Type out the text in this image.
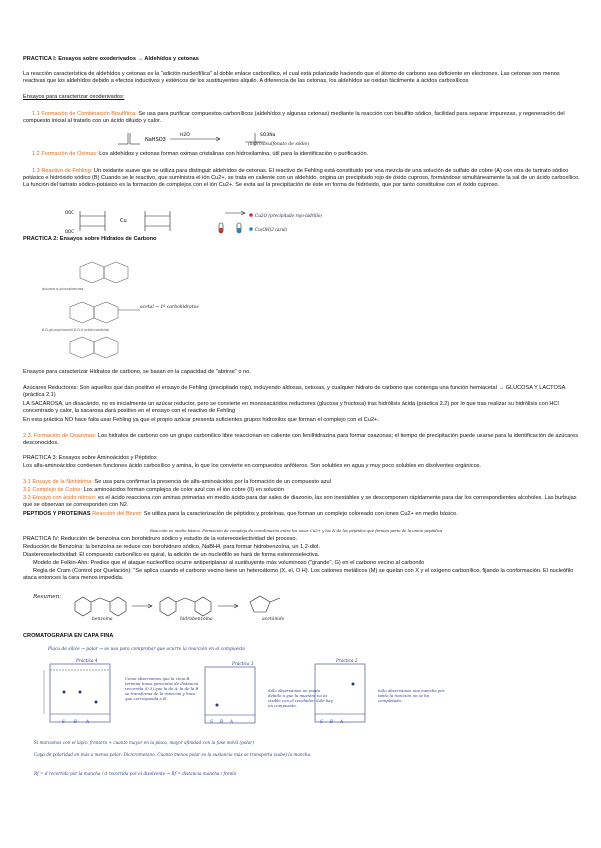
PRÁCTICA I: Ensayos sobre oxoderivados → Aldehídos y cetonas
La reacción característica de aldehídos y cetonas es la "adición nucleofílica" al doble enlace carbonílico, el cual está polarizado haciendo que el átomo de carbono sea deficiente en electrones. Las cetonas son menos reactivas que los aldehídos debido a efectos inductivos y estéricos de los sustituyentes alquilo. A diferencia de las cetonas, los aldehídos se oxidan fácilmente a ácidos carboxílicos
Ensayos para caracterizar oxoderivados:
1.1 Formación de Combinación Bisulfítica: Se usa para purificar compuestos carbonílicos (aldehídos y algunas cetonas) mediante la reacción con bisulfito sódico, facilidad para separar impurezas, y regeneración del compuesto inicial al tratarlo con un ácido diluido y calor.
NaHSO3
H2O	SO3Na
(hidroxisulfonato de sódio)
1.2 Formación de Oximas: Los aldehídos y cetonas forman oximas cristalinas con hidroxilamina, útil para la identificación o purificación.
1.3 Reactivo de Fehling: Un oxidante suave que se utiliza para distinguir aldehídos de cetonas. El reactivo de Fehling está constituido por una mezcla de una solución de sulfato de cobre (A) con otra de tartrato sódico potásico e hidróxido sódico (B) Cuando se le reactivo, que suministra el ión Cu2+, se trata en caliente con un aldehído, origina un precipitado rojo de óxido cuproso, formándose simultáneamente la sal de un ácido carboxílico. La función del tartrato sódico-potásico es la formación de complejos con el ión Cu2+. Se evita así la precipitación de éste en forma de hidróxido, que por tanto constituirse con el óxido cuproso.
OOC
OOC
Cu
Cu2O (precipitado rojo-ladrillo)
Cu(OH)2 (azul)
PRÁCTICA 2: Ensayos sobre Hidratos de Carbono
glucosa α-glucopiranosa
β-D-glucopiranosil β-D-fructofuranósido
acetal → 1º carbohidratos
Ensayos para caracterizar Hidratos de carbono, se basan en la capacidad de "abrirse" o no.
Azúcares Reductores: Son aquellos que dan positivo el ensayo de Fehling (precipitado rojo), incluyendo aldosas, cetosas, y cualquier hidrato de carbono que contenga una función hemiacetal → GLUCOSA Y LACTOSA (práctica 2.1)
LA SACAROSA, un disacárido, no es inicialmente un azúcar reductor, pero se convierte en monosacáridos reductores (glucosa y fructosa) tras hidrólisis ácida (práctica 2.2) por lo que tras realizar su hidrólisis con HCl concentrado y calor, la sacarosa dará positivo en el ensayo con el reactivo de Fehling
En esta práctica NO hace falta usar Fehling ya que el propio azúcar presenta suficientes grupos hidroxilos que forman el complejo con el Cu2+.
2.3. Formación de Osazonas: Los hidratos de carbono con un grupo carbonílico libre reaccionan en caliente con fenilhidrazina para formar osazonas; el tiempo de precipitación puede usarse para la identificación de azúcares desconocidos.
PRÁCTICA 3: Ensayos sobre Aminoácidos y Péptidos
Los alfa-aminoácidos contienen funciones ácido carboxílico y amina, lo que los convierte en compuestos anfóteros. Son solubles en agua y muy poco solubles en disolventes orgánicos.
3.1 Ensayo de la Ninhidrina: Se usa para confirmar la presencia de alfa-aminoácidos por la formación de un compuesto azul
3.2 Complejo de Cobre: Los aminoácidos forman complejos de color azul con el ión cobre (II) en solución
3.3 Ensayo con ácido nitroso: es el ácido reacciona con aminas primarias en medio ácido para dar sales de diazonio, las son inestables y se descomponen rápidamente para dar los correspondientes alcoholes. Las burbujas que se observan se corresponden con N2.
PÉPTIDOS Y PROTEÍNAS Reacción del Biuret: Se utiliza para la caracterización de péptidos y proteínas, que forman un complejo coloreado con iones Cu2+ en medio básico.
Reacción en medio básico. Formación de complejo de coordinación entre los iones Cu2+ y los N de los péptidos que forman parte de la unión peptídica
PRÁCTICA IV: Reducción de benzoína con borohidruro sódico y estudio de la estereoselectividad del proceso.
Reducción de Benzoína: la benzoína se reduce con borohidruro sódico, NaBH4, para formar hidrobenzoína, un 1,2-diol.
Diastereoselectividad: El compuesto carbonílico es quiral, la adición de un nucleófilo se hará de forma estereoselectiva.
Modelo de Felkin-Ahn: Predice que el ataque nucleofílico ocurre antiperiplanar al sustituyente más voluminoso ("grande", G) en el carbono vecino al carbonilo
Regla de Cram (Control por Quelación): "Se aplica cuando el carbono vecino tiene un heteroátomo (X, el, O H). Los cationes metálicos (M) se quelan con X y el oxígeno carbonílico, fijando la conformación. El nucleófilo ataca entonces la cara menos impedida.
Resumen:
benzoína	hidrobenzoína	acetónido
CROMATOGRAFÍA EN CAPA FINA
Placa de sílice → polar → se usa para comprobar que ocurre la reacción en el compuesto
Práctica 4
SBA
Como observamos que la cima B, termina tonos parecidos de distancia recorrida (0.5) que la de A, la de la B se transforma de la reacción y hace que corresponda a B.
Práctica 3
SBA
Sólo observamos un punto debido a que la muestra no es visible con el revelador. Sólo hay un compuesto.
Práctica 2
SBA
Sólo observamos una mancha por tanto la reacción no se ha completado.
Si marcamos con el lápiz: frontera + cuanto mayor en la placa, mayor afinidad con la fase móvil (polar)
Capa de polaridad en más a menos polar: Diclorometano. Cuanto menos polar es la sustancia más se transporta (sube) la mancha.
Rf = d recorrida por la mancha / d recorrida por el disolvente → Rf = distancia mancha / frente
